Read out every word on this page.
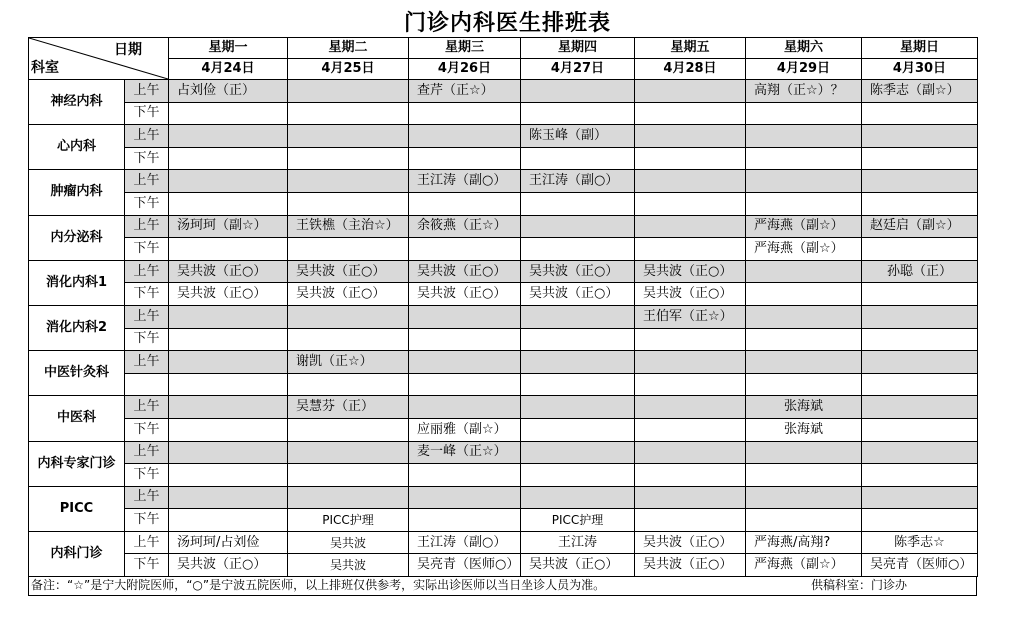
门诊内科医生排班表
日期
科室		星期一	星期二	星期三	星期四	星期五	星期六	星期日
		4月24日	4月25日	4月26日	4月27日	4月28日	4月29日	4月30日
神经内科	上午	占刘俭（正）		查芹（正☆）			高翔（正☆）？	陈季志（副☆）
	下午							
心内科	上午				陈玉峰（副）			
	下午							
肿瘤内科	上午			王江涛（副○）	王江涛（副○）			
	下午							
内分泌科	上午	汤珂珂（副☆）	王铁樵（主治☆）	余筱燕（正☆）			严海燕（副☆）	赵廷启（副☆）
	下午						严海燕（副☆）	
消化内科1	上午	吴共波（正○）	吴共波（正○）	吴共波（正○）	吴共波（正○）	吴共波（正○）		孙聪（正）
	下午	吴共波（正○）	吴共波（正○）	吴共波（正○）	吴共波（正○）	吴共波（正○）		
消化内科2	上午					王伯军（正☆）		
	下午							
中医针灸科	上午		谢凯（正☆）					

中医科	上午		吴慧芬（正）				张海斌	
	下午			应丽雅（副☆）			张海斌	
内科专家门诊	上午			麦一峰（正☆）				
	下午							
PICC	上午							
	下午		PICC护理		PICC护理			
内科门诊	上午	汤珂珂/占刘俭	吴共波	王江涛（副○）	王江涛	吴共波（正○）	严海燕/高翔?	陈季志☆
	下午	吴共波（正○）	吴共波	吴亮青（医师○）	吴共波（正○）	吴共波（正○）	严海燕（副☆）	吴亮青（医师○）
备注：“☆”是宁大附院医师，“○”是宁波五院医师，以上排班仅供参考，实际出诊医师以当日坐诊人员为准。	供稿科室：门诊办
